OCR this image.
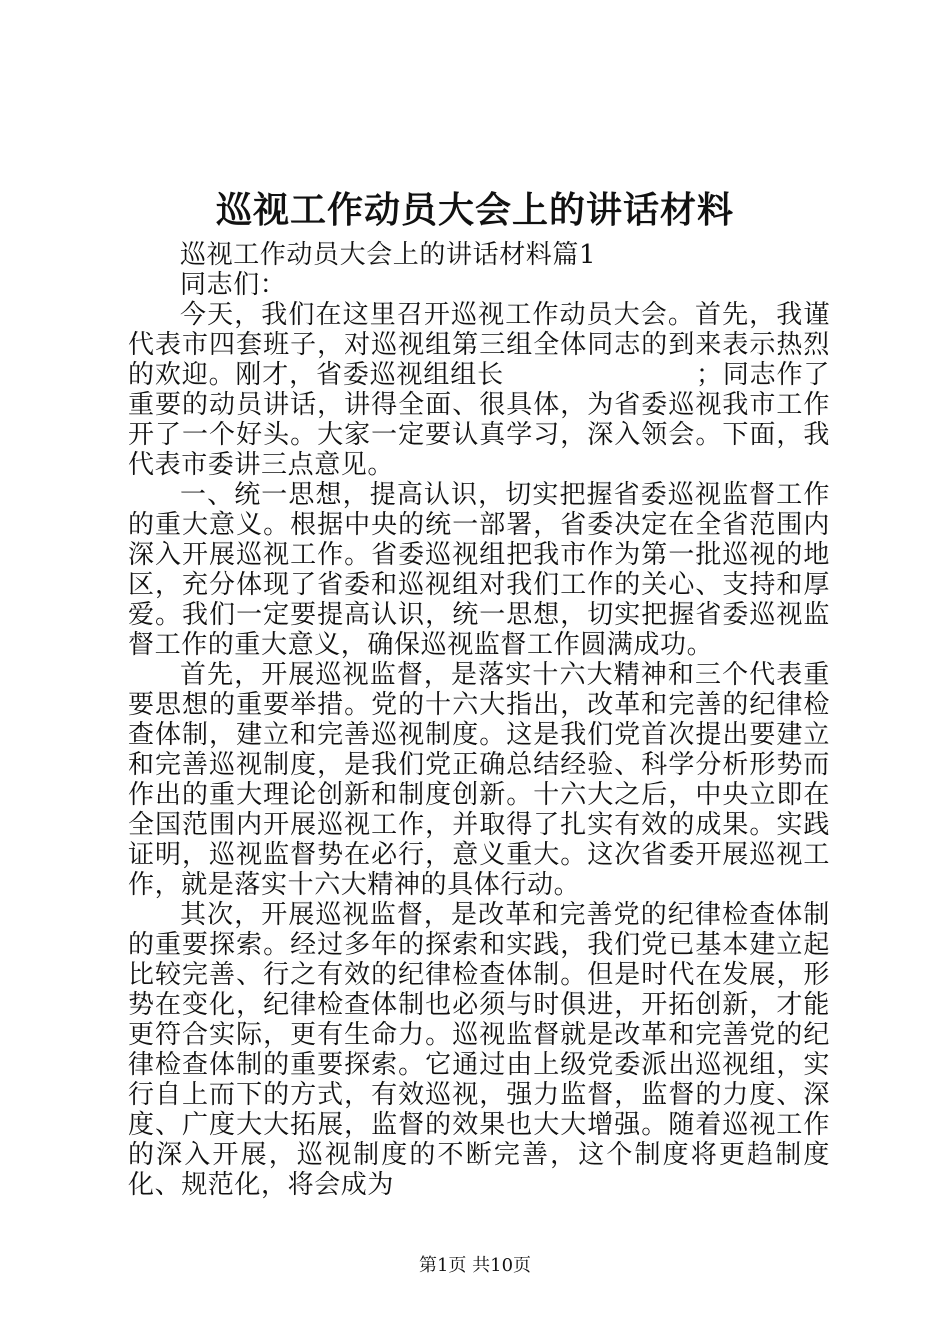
巡视工作动员大会上的讲话材料

巡视工作动员大会上的讲话材料篇1

同志们：

今天，我们在这里召开巡视工作动员大会。首先，我谨代表市四套班子，对巡视组第三组全体同志的到来表示热烈的欢迎。刚才，省委巡视组组长	；同志作了重要的动员讲话，讲得全面、很具体，为省委巡视我市工作开了一个好头。大家一定要认真学习，深入领会。下面，我代表市委讲三点意见。

一、统一思想，提高认识，切实把握省委巡视监督工作的重大意义。根据中央的统一部署，省委决定在全省范围内深入开展巡视工作。省委巡视组把我市作为第一批巡视的地区，充分体现了省委和巡视组对我们工作的关心、支持和厚爱。我们一定要提高认识，统一思想，切实把握省委巡视监督工作的重大意义，确保巡视监督工作圆满成功。

首先，开展巡视监督，是落实十六大精神和三个代表重要思想的重要举措。党的十六大指出，改革和完善的纪律检查体制，建立和完善巡视制度。这是我们党首次提出要建立和完善巡视制度，是我们党正确总结经验、科学分析形势而作出的重大理论创新和制度创新。十六大之后，中央立即在全国范围内开展巡视工作，并取得了扎实有效的成果。实践证明，巡视监督势在必行，意义重大。这次省委开展巡视工作，就是落实十六大精神的具体行动。

其次，开展巡视监督，是改革和完善党的纪律检查体制的重要探索。经过多年的探索和实践，我们党已基本建立起比较完善、行之有效的纪律检查体制。但是时代在发展，形势在变化，纪律检查体制也必须与时俱进，开拓创新，才能更符合实际，更有生命力。巡视监督就是改革和完善党的纪律检查体制的重要探索。它通过由上级党委派出巡视组，实行自上而下的方式，有效巡视，强力监督，监督的力度、深度、广度大大拓展，监督的效果也大大增强。随着巡视工作的深入开展，巡视制度的不断完善，这个制度将更趋制度化、规范化，将会成为

第1页 共10页
